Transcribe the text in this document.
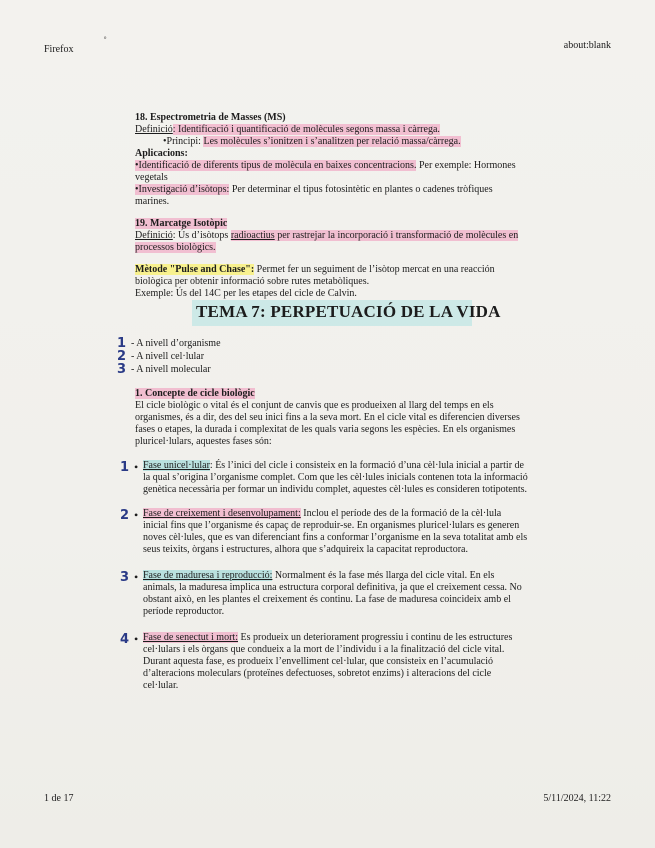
Firefox
ᵒ
about:blank

18. Espectrometria de Masses (MS)

Definició: Identificació i quantificació de molècules segons massa i càrrega.

•Principi: Les molècules s’ionitzen i s’analitzen per relació massa/càrrega.

Aplicacions:

•Identificació de diferents tipus de molècula en baixes concentracions. Per exemple: Hormones vegetals

•Investigació d’isòtops: Per determinar el tipus fotosintètic en plantes o cadenes tròfiques marines.

19. Marcatge Isotòpic

Definició: Ús d’isòtops radioactius per rastrejar la incorporació i transformació de molècules en processos biològics.

Mètode "Pulse and Chase": Permet fer un seguiment de l’isòtop mercat en una reacción biològica per obtenir informació sobre rutes metabòliques.

Exemple: Ús del 14C per les etapes del cicle de Calvin.

TEMA 7: PERPETUACIÓ DE LA VIDA
1 - A nivell d’organisme
2 - A nivell cel·lular
3 - A nivell molecular

1. Concepte de cicle biològic

El cicle biològic o vital és el conjunt de canvis que es produeixen al llarg del temps en els organismes, és a dir, des del seu inici fins a la seva mort. En el cicle vital es diferencien diverses fases o etapes, la durada i complexitat de les quals varia segons les espècies. En els organismes pluricel·lulars, aquestes fases són:

1 • Fase unicel·lular: És l’inici del cicle i consisteix en la formació d’una cèl·lula inicial a partir de la qual s’origina l’organisme complet. Com que les cèl·lules inicials contenen tota la informació genètica necessària per formar un individu complet, aquestes cèl·lules es consideren totipotents.

2 • Fase de creixement i desenvolupament: Inclou el període des de la formació de la cèl·lula inicial fins que l’organisme és capaç de reproduir-se. En organismes pluricel·lulars es generen noves cèl·lules, que es van diferenciant fins a conformar l’organisme en la seva totalitat amb els seus teixits, òrgans i estructures, alhora que s’adquireix la capacitat reproductora.

3 • Fase de maduresa i reproducció: Normalment és la fase més llarga del cicle vital. En els animals, la maduresa implica una estructura corporal definitiva, ja que el creixement cessa. No obstant això, en les plantes el creixement és continu. La fase de maduresa coincideix amb el període reproductor.

4 • Fase de senectut i mort: Es produeix un deteriorament progressiu i continu de les estructures cel·lulars i els òrgans que condueix a la mort de l’individu i a la finalització del cicle vital. Durant aquesta fase, es produeix l’envelliment cel·lular, que consisteix en l’acumulació d’alteracions moleculars (proteïnes defectuoses, sobretot enzims) i alteracions del cicle cel·lular.

1 de 17	5/11/2024, 11:22
